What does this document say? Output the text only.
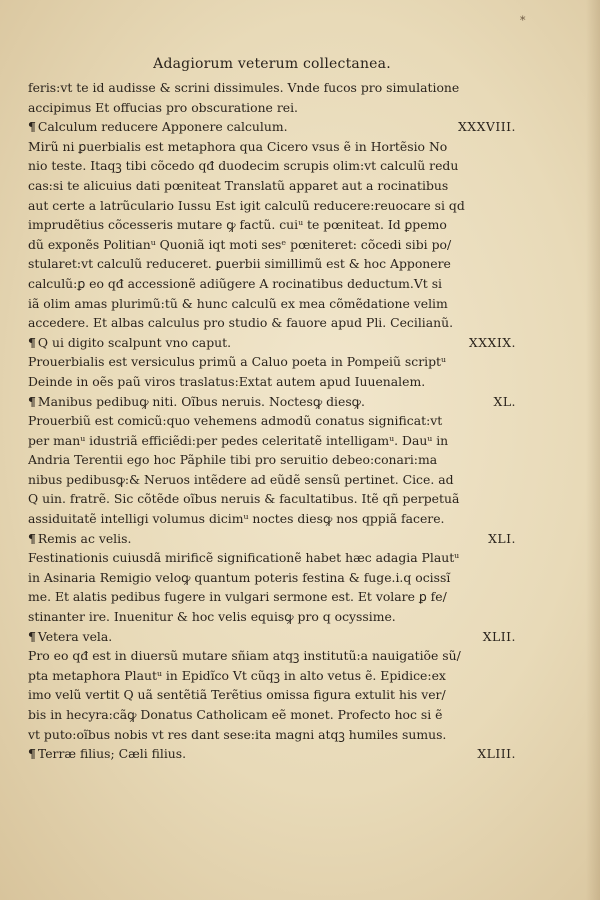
*
Adagiorum veterum collectanea.
feris:vt te id audisse & scrini dissimules. Vnde fucos pro simulatione
accipimus Et offucias pro obscuratione rei.
¶ Calculum reducere Apponere calculum.	XXXVIII.
Mirũ ni ꝑuerbialis est metaphora qua Cicero vsus ẽ in Hortẽsio No
nio teste. Itaqꝫ tibi cõcedo qđ duodecim scrupis olim:vt calculũ redu
cas:si te alicuius dati pœniteat Translatũ apparet aut a rocinatibus
aut certe a latrũculario Iussu Est igit calculũ reducere:reuocare si qd
imprudẽtius cõcesseris mutare ꝙ factũ. cuiᵘ te pœniteat. Id ꝑpemo
dũ exponẽs Politianᵘ Quoniã iqt moti sesᵉ pœniteret: cõcedi sibi po/
stularet:vt calculũ reduceret. ꝑuerbii simillimũ est & hoc Apponere
calculũ:ꝑ eo qđ accessionẽ adiũgere A rocinatibus deductum.Vt si
iã olim amas plurimũ:tũ & hunc calculũ ex mea cõmẽdatione velim
accedere. Et albas calculus pro studio & fauore apud Pli. Cecilianũ.
¶ Q ui digito scalpunt vno caput.	XXXIX.
Prouerbialis est versiculus primũ a Caluo poeta in Pompeiũ scriptᵘ
Deinde in oẽs paũ viros traslatus:Extat autem apud Iuuenalem.
¶ Manibus pedibuꝙ niti. Oĩbus neruis. Noctesꝙ diesꝙ.	XL.
Prouerbiũ est comicũ:quo vehemens admodũ conatus significat:vt
per manᵘ idustriã efficiẽdi:per pedes celeritatẽ intelligamᵘ. Dauᵘ in
Andria Terentii ego hoc Pãphile tibi pro seruitio debeo:conari:ma
nibus pedibusꝙ:& Neruos intẽdere ad eũdẽ sensũ pertinet. Cice. ad
Q uin. fratrẽ. Sic cõtẽde oĩbus neruis & facultatibus. Itẽ qñ perpetuã
assiduitatẽ intelligi volumus dicimᵘ noctes diesꝙ nos qppiã facere.
¶ Remis ac velis.	XLI.
Festinationis cuiusdã mirificẽ significationẽ habet hæc adagia Plautᵘ
in Asinaria Remigio veloꝙ quantum poteris festina & fuge.i.q ocissĩ
me. Et alatis pedibus fugere in vulgari sermone est. Et volare ꝑ fe/
stinanter ire. Inuenitur & hoc velis equisꝙ pro q ocyssime.
¶ Vetera vela.	XLII.
Pro eo qđ est in diuersũ mutare sñiam atqꝫ institutũ:a nauigatiõe sũ/
pta metaphora Plautᵘ in Epidĩco Vt cũqꝫ in alto vetus ẽ. Epidice:ex
imo velũ vertit Q uã sentẽtiã Terẽtius omissa figura extulit his ver/
bis in hecyra:cãꝙ Donatus Catholicam eẽ monet. Profecto hoc si ẽ
vt puto:oĩbus nobis vt res dant sese:ita magni atqꝫ humiles sumus.
¶ Terræ filius; Cæli filius.	XLIII.
